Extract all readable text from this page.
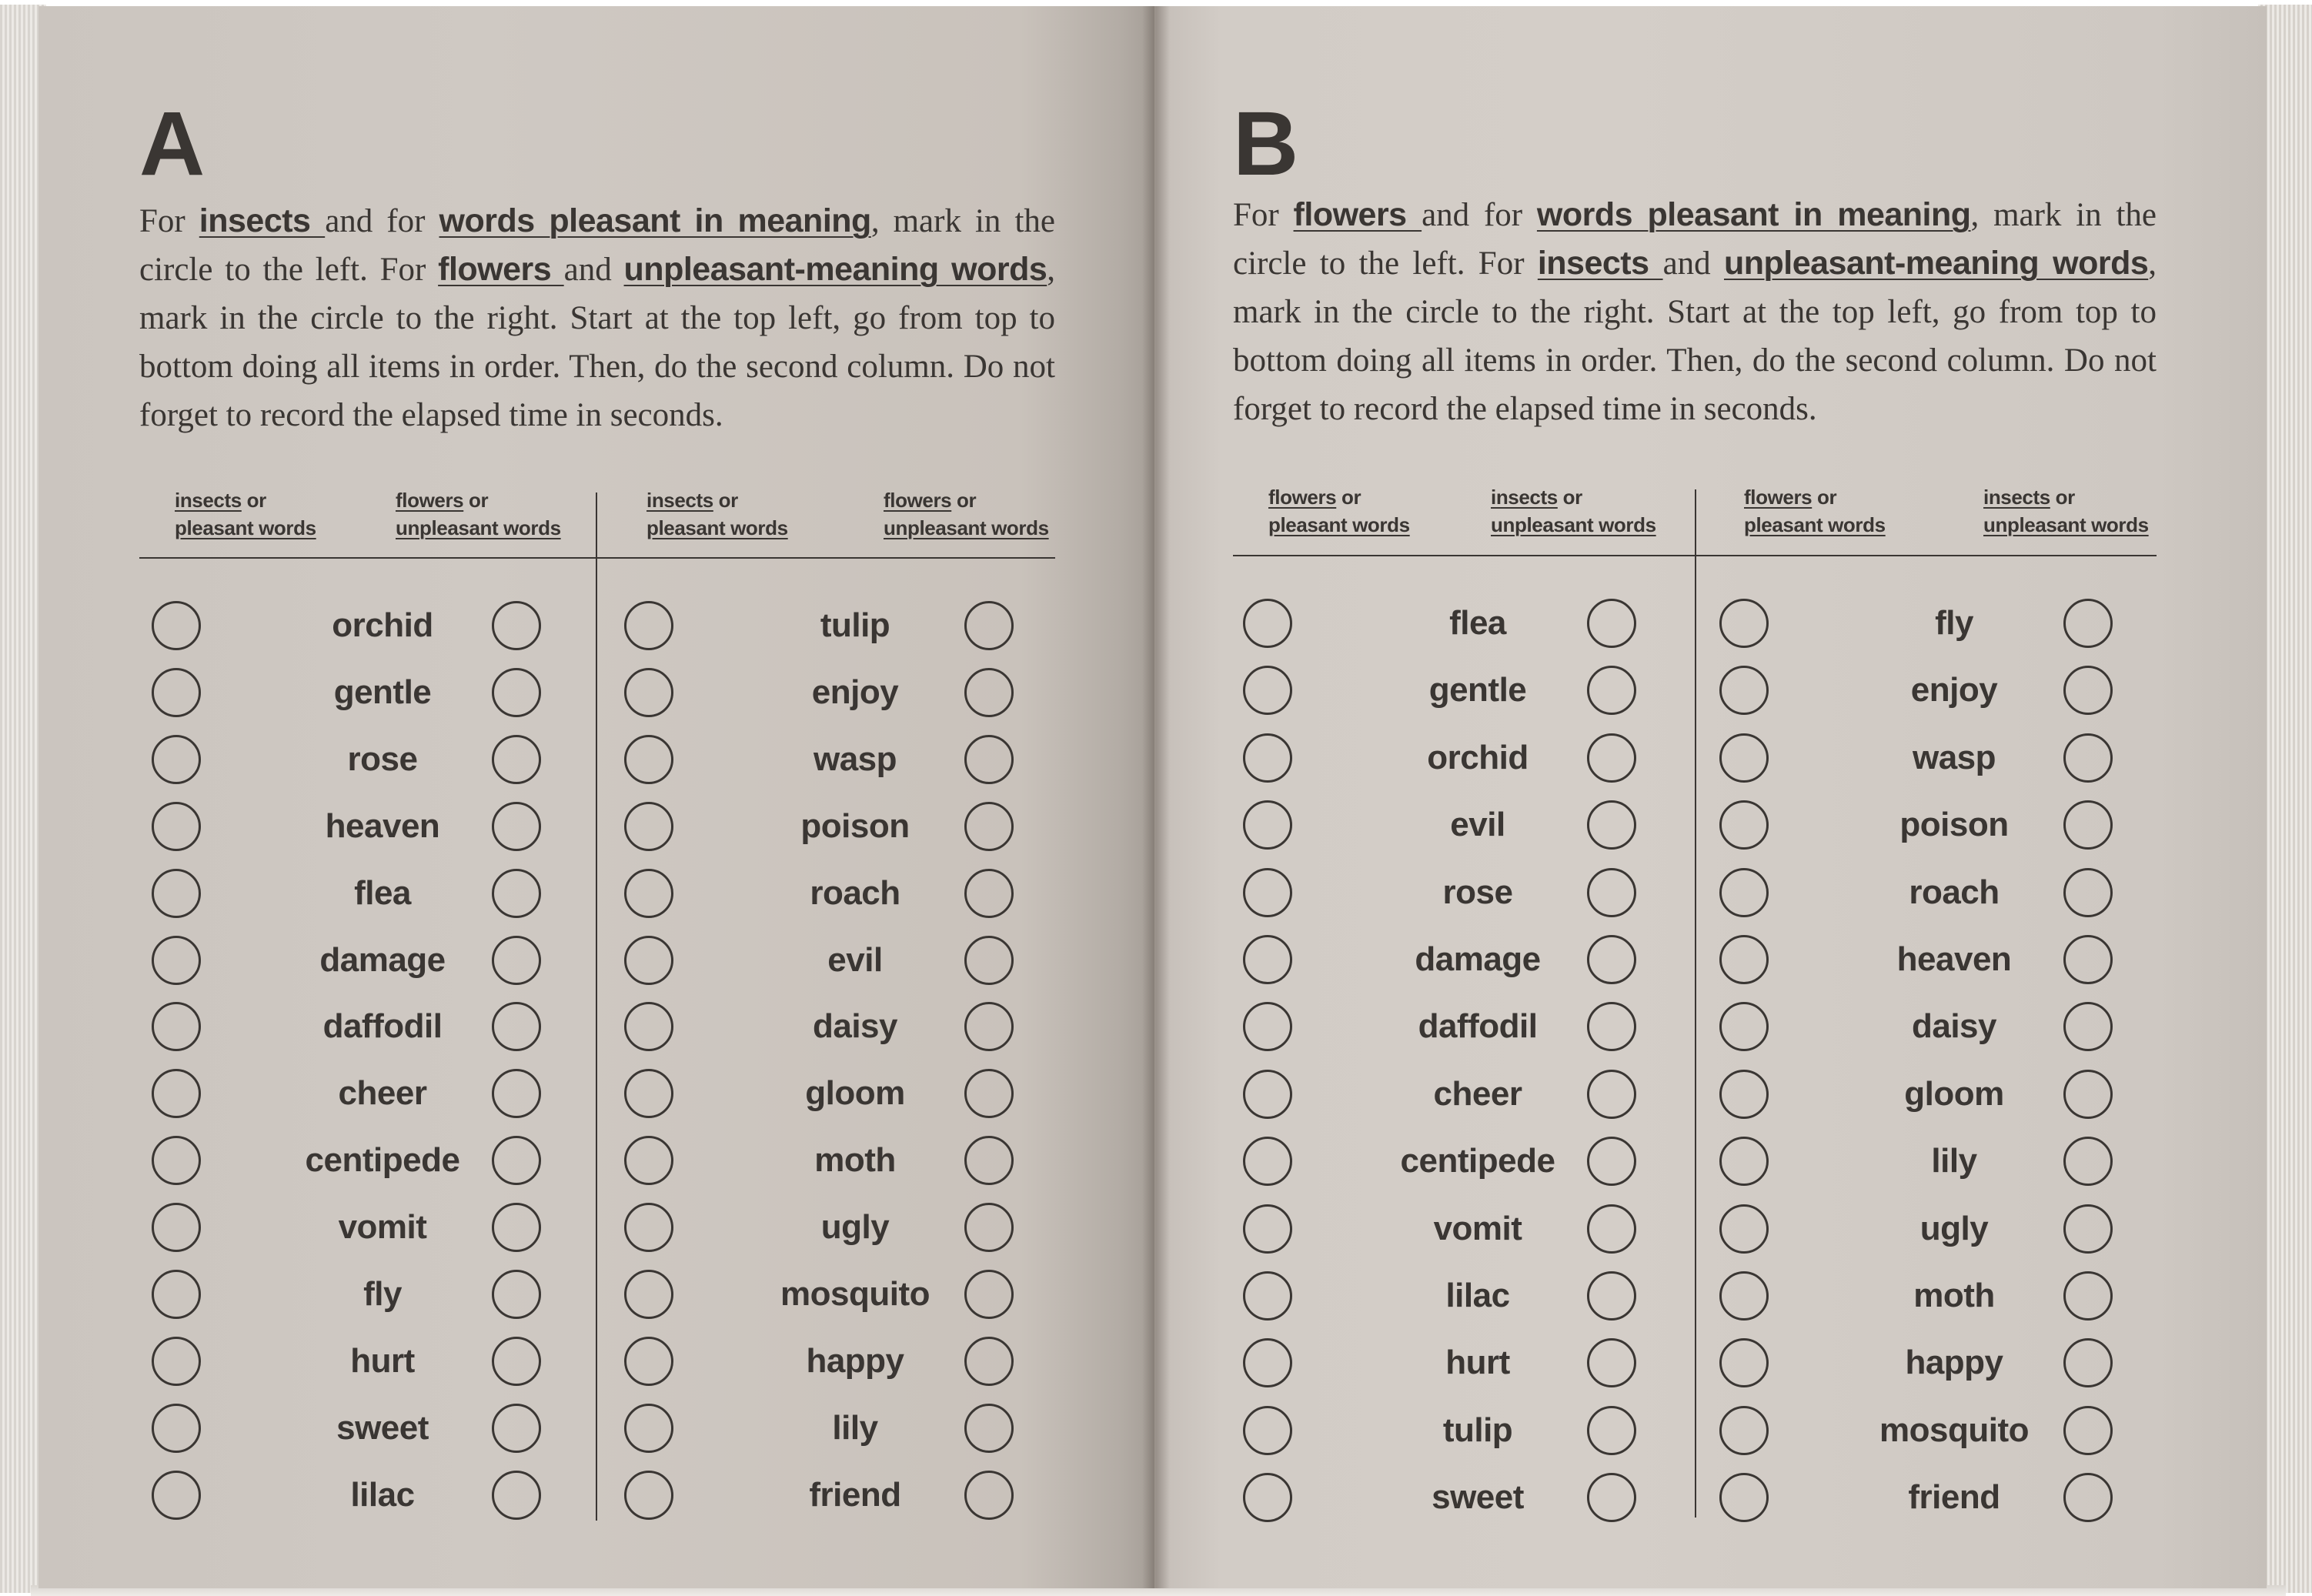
A

For insects and for words pleasant in meaning, mark in the circle to the left. For flowers and unpleasant-meaning words, mark in the circle to the right. Start at the top left, go from top to bottom doing all items in order. Then, do the second column. Do not forget to record the elapsed time in seconds.

insects or
pleasant words
flowers or
unpleasant words
insects or
pleasant words
flowers or
unpleasant words
orchid	tulip
gentle	enjoy
rose	wasp
heaven	poison
flea	roach
damage	evil
daffodil	daisy
cheer	gloom
centipede	moth
vomit	ugly
fly	mosquito
hurt	happy
sweet	lily
lilac	friend
B

For flowers and for words pleasant in meaning, mark in the circle to the left. For insects and unpleasant-meaning words, mark in the circle to the right. Start at the top left, go from top to bottom doing all items in order. Then, do the second column. Do not forget to record the elapsed time in seconds.

flowers or
pleasant words
insects or
unpleasant words
flowers or
pleasant words
insects or
unpleasant words
flea	fly
gentle	enjoy
orchid	wasp
evil	poison
rose	roach
damage	heaven
daffodil	daisy
cheer	gloom
centipede	lily
vomit	ugly
lilac	moth
hurt	happy
tulip	mosquito
sweet	friend
